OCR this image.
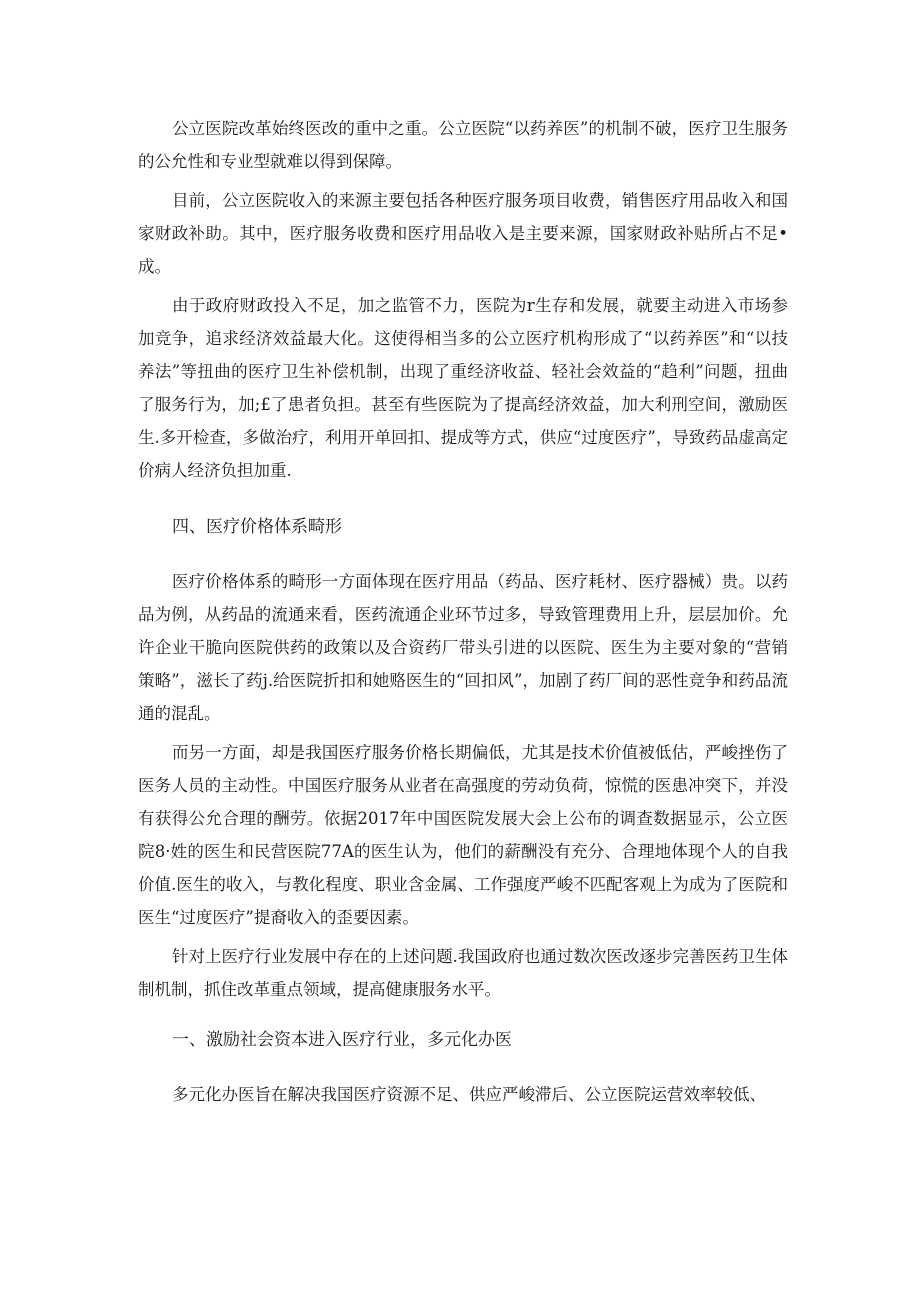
公立医院改革始终医改的重中之重。公立医院“以药养医”的机制不破，医疗卫生服务的公允性和专业型就难以得到保障。

目前，公立医院收入的来源主要包括各种医疗服务项目收费，销售医疗用品收入和国家财政补助。其中，医疗服务收费和医疗用品收入是主要来源，国家财政补贴所占不足•成。

由于政府财政投入不足，加之监管不力，医院为r生存和发展，就要主动进入市场参加竞争，追求经济效益最大化。这使得相当多的公立医疗机构形成了“以药养医”和“以技养法”等扭曲的医疗卫生补偿机制，出现了重经济收益、轻社会效益的“趋利”问题，扭曲了服务行为，加;£了患者负担。甚至有些医院为了提高经济效益，加大利刑空间，激励医生.多开检查，多做治疗，利用开单回扣、提成等方式，供应“过度医疗”，导致药品虚高定价病人经济负担加重.

四、医疗价格体系畸形

医疗价格体系的畸形一方面体现在医疗用品（药品、医疗耗材、医疗器械）贵。以药品为例，从药品的流通来看，医药流通企业环节过多，导致管理费用上升，层层加价。允许企业干脆向医院供药的政策以及合资药厂带头引进的以医院、医生为主要对象的“营销策略”，滋长了药j.给医院折扣和她赂医生的“回扣风”，加剧了药厂间的恶性竞争和药品流通的混乱。

而另一方面，却是我国医疗服务价格长期偏低，尤其是技术价值被低估，严峻挫伤了医务人员的主动性。中国医疗服务从业者在高强度的劳动负荷，惊慌的医患冲突下，并没有获得公允合理的酬劳。依据2017年中国医院发展大会上公布的调查数据显示，公立医院8·姓的医生和民营医院77A的医生认为，他们的薪酬没有充分、合理地体现个人的自我价值.医生的收入，与教化程度、职业含金属、工作强度严峻不匹配客观上为成为了医院和医生“过度医疗”提裔收入的歪要因素。

针对上医疗行业发展中存在的上述问题.我国政府也通过数次医改逐步完善医药卫生体制机制，抓住改革重点领域，提高健康服务水平。

一、激励社会资本进入医疗行业，多元化办医

多元化办医旨在解决我国医疗资源不足、供应严峻滞后、公立医院运营效率较低、
